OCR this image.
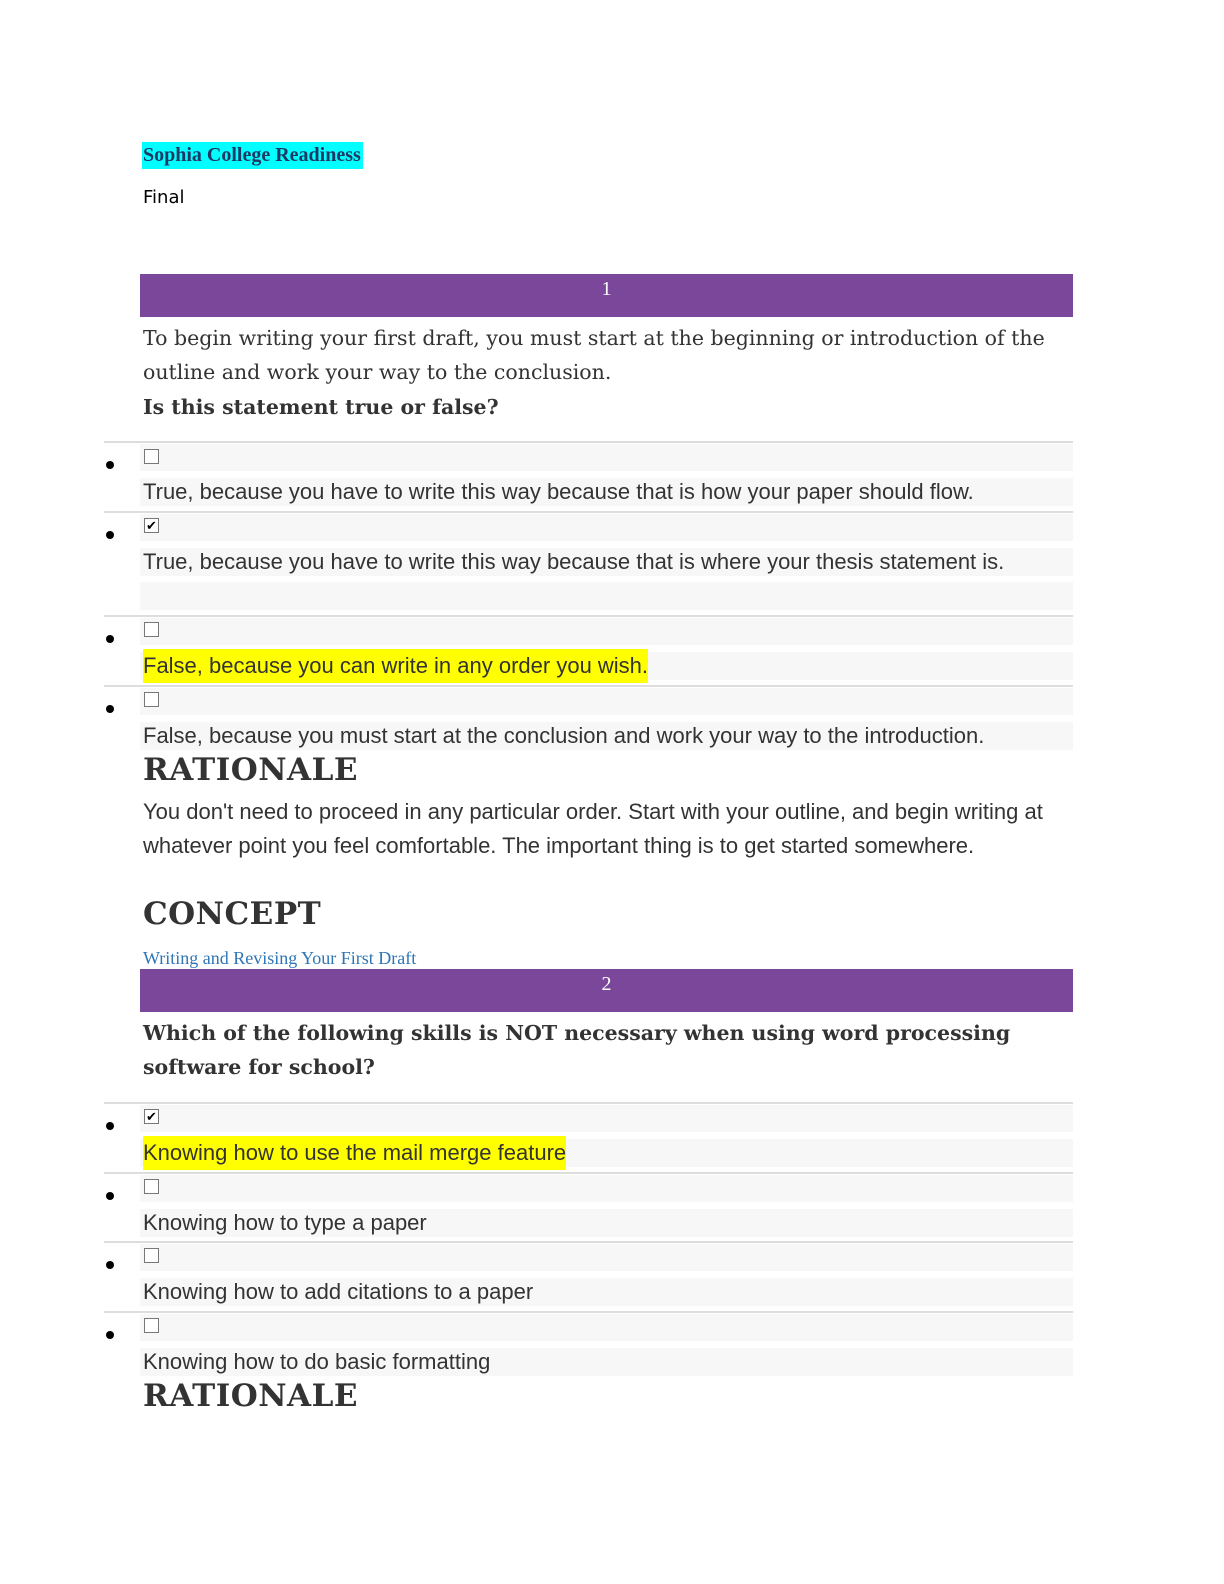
Sophia College Readiness
Final
1
To begin writing your first draft, you must start at the beginning or introduction of the outline and work your way to the conclusion.
Is this statement true or false?
True, because you have to write this way because that is how your paper should flow.
✔
True, because you have to write this way because that is where your thesis statement is.
False, because you can write in any order you wish.
False, because you must start at the conclusion and work your way to the introduction.
RATIONALE
You don't need to proceed in any particular order. Start with your outline, and begin writing at whatever point you feel comfortable. The important thing is to get started somewhere.
CONCEPT
Writing and Revising Your First Draft
2
Which of the following skills is NOT necessary when using word processing software for school?
✔
Knowing how to use the mail merge feature
Knowing how to type a paper
Knowing how to add citations to a paper
Knowing how to do basic formatting
RATIONALE
